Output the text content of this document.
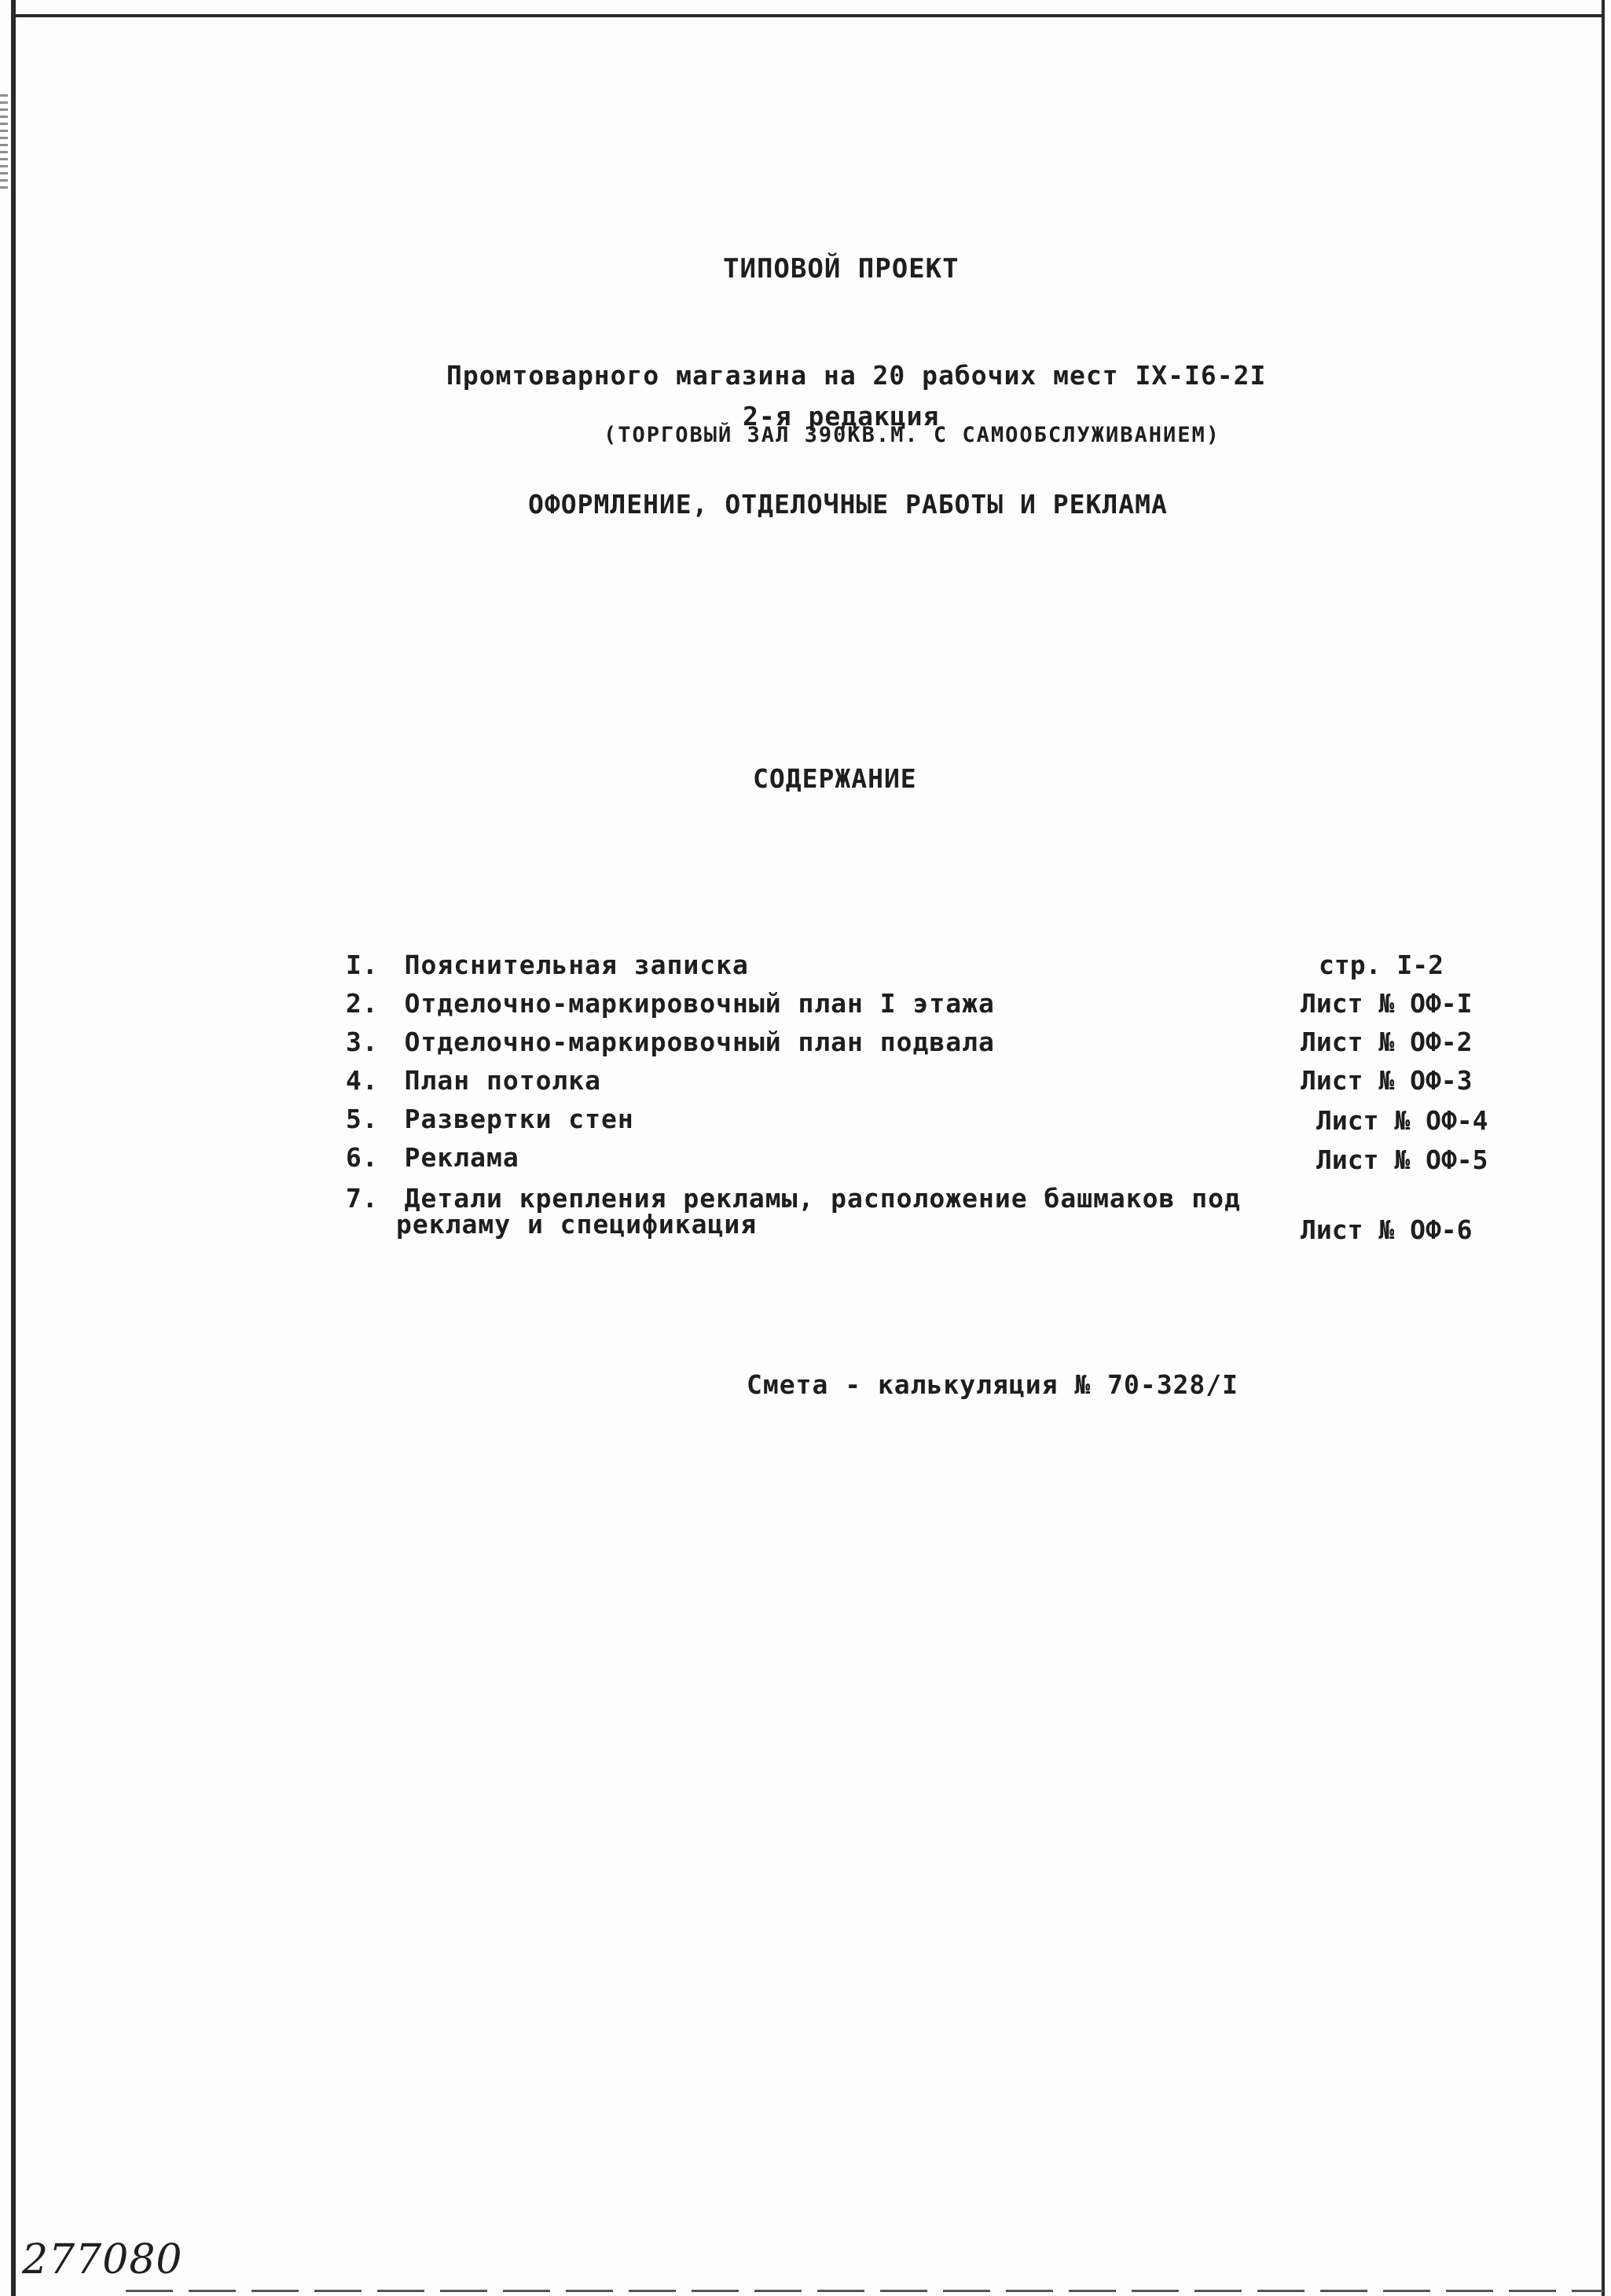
ТИПОВОЙ ПРОЕКТ
Промтоварного магазина на 20 рабочих мест IX-I6-2I
2-я редакция
(ТОРГОВЫЙ ЗАЛ 390КВ.М. С САМООБСЛУЖИВАНИЕМ)
ОФОРМЛЕНИЕ, ОТДЕЛОЧНЫЕ РАБОТЫ И РЕКЛАМА
СОДЕРЖАНИЕ
I. Пояснительная записка	стр. I-2
2. Отделочно-маркировочный план I этажа	Лист № ОФ-I
3. Отделочно-маркировочный план подвала	Лист № ОФ-2
4. План потолка	Лист № ОФ-3
5. Развертки стен	Лист № ОФ-4
6. Реклама	Лист № ОФ-5
7. Детали крепления рекламы, расположение башмаков под
рекламу и спецификация	Лист № ОФ-6
Смета - калькуляция № 70-328/I
277080
